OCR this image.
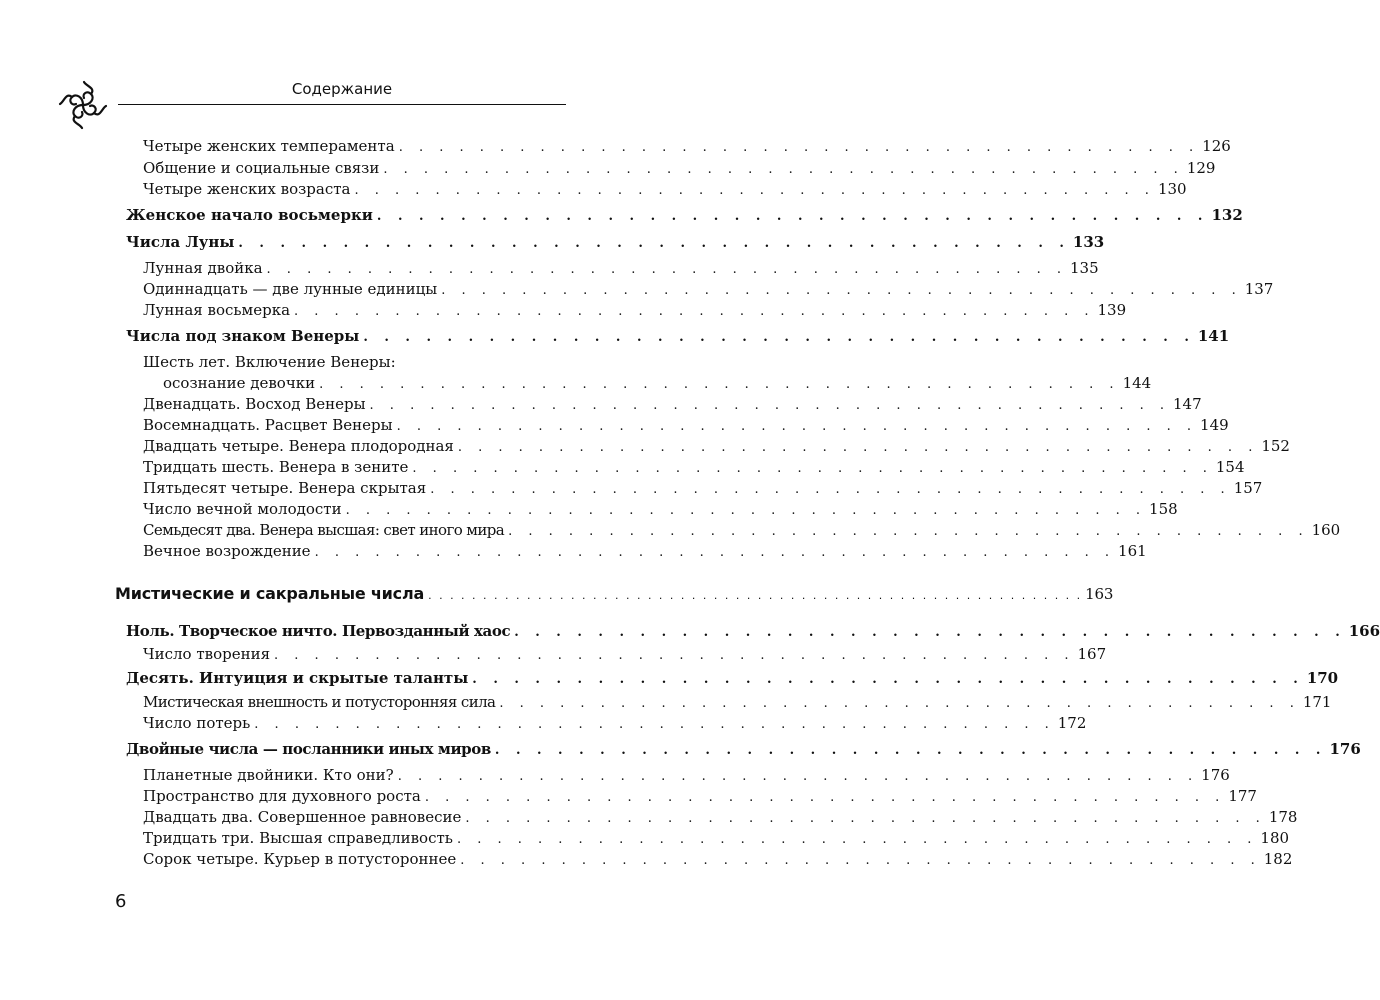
Содержание
Четыре женских темперамента . . . . . . . . . . . . . . . . . . . . . . . . . . . . . . . . . . . . . . . . 126
Общение и социальные связи . . . . . . . . . . . . . . . . . . . . . . . . . . . . . . . . . . . . . . . . 129
Четыре женских возраста . . . . . . . . . . . . . . . . . . . . . . . . . . . . . . . . . . . . . . . . 130
Женское начало восьмерки . . . . . . . . . . . . . . . . . . . . . . . . . . . . . . . . . . . . . . . . 132
Числа Луны . . . . . . . . . . . . . . . . . . . . . . . . . . . . . . . . . . . . . . . . 133
Лунная двойка . . . . . . . . . . . . . . . . . . . . . . . . . . . . . . . . . . . . . . . . 135
Одиннадцать — две лунные единицы . . . . . . . . . . . . . . . . . . . . . . . . . . . . . . . . . . . . . . . . 137
Лунная восьмерка . . . . . . . . . . . . . . . . . . . . . . . . . . . . . . . . . . . . . . . . 139
Числа под знаком Венеры . . . . . . . . . . . . . . . . . . . . . . . . . . . . . . . . . . . . . . . . 141
Шесть лет. Включение Венеры:
осознание девочки . . . . . . . . . . . . . . . . . . . . . . . . . . . . . . . . . . . . . . . . 144
Двенадцать. Восход Венеры . . . . . . . . . . . . . . . . . . . . . . . . . . . . . . . . . . . . . . . . 147
Восемнадцать. Расцвет Венеры . . . . . . . . . . . . . . . . . . . . . . . . . . . . . . . . . . . . . . . . 149
Двадцать четыре. Венера плодородная . . . . . . . . . . . . . . . . . . . . . . . . . . . . . . . . . . . . . . . . 152
Тридцать шесть. Венера в зените . . . . . . . . . . . . . . . . . . . . . . . . . . . . . . . . . . . . . . . . 154
Пятьдесят четыре. Венера скрытая . . . . . . . . . . . . . . . . . . . . . . . . . . . . . . . . . . . . . . . . 157
Число вечной молодости . . . . . . . . . . . . . . . . . . . . . . . . . . . . . . . . . . . . . . . . 158
Семьдесят два. Венера высшая: свет иного мира . . . . . . . . . . . . . . . . . . . . . . . . . . . . . . . . . . . . . . . . 160
Вечное возрождение . . . . . . . . . . . . . . . . . . . . . . . . . . . . . . . . . . . . . . . . 161
Мистические и сакральные числа . . . . . . . . . . . . . . . . . . . . . . . . . . . . . . . . . . . . . . . . . . . . . . . . . . . . . . . . . . . . 163
Ноль. Творческое ничто. Первозданный хаос . . . . . . . . . . . . . . . . . . . . . . . . . . . . . . . . . . . . . . . . 166
Число творения . . . . . . . . . . . . . . . . . . . . . . . . . . . . . . . . . . . . . . . . 167
Десять. Интуиция и скрытые таланты . . . . . . . . . . . . . . . . . . . . . . . . . . . . . . . . . . . . . . . . 170
Мистическая внешность и потусторонняя сила . . . . . . . . . . . . . . . . . . . . . . . . . . . . . . . . . . . . . . . . 171
Число потерь . . . . . . . . . . . . . . . . . . . . . . . . . . . . . . . . . . . . . . . . 172
Двойные числа — посланники иных миров . . . . . . . . . . . . . . . . . . . . . . . . . . . . . . . . . . . . . . . . 176
Планетные двойники. Кто они? . . . . . . . . . . . . . . . . . . . . . . . . . . . . . . . . . . . . . . . . 176
Пространство для духовного роста . . . . . . . . . . . . . . . . . . . . . . . . . . . . . . . . . . . . . . . . 177
Двадцать два. Совершенное равновесие . . . . . . . . . . . . . . . . . . . . . . . . . . . . . . . . . . . . . . . . 178
Тридцать три. Высшая справедливость . . . . . . . . . . . . . . . . . . . . . . . . . . . . . . . . . . . . . . . . 180
Сорок четыре. Курьер в потустороннее . . . . . . . . . . . . . . . . . . . . . . . . . . . . . . . . . . . . . . . . 182
6
